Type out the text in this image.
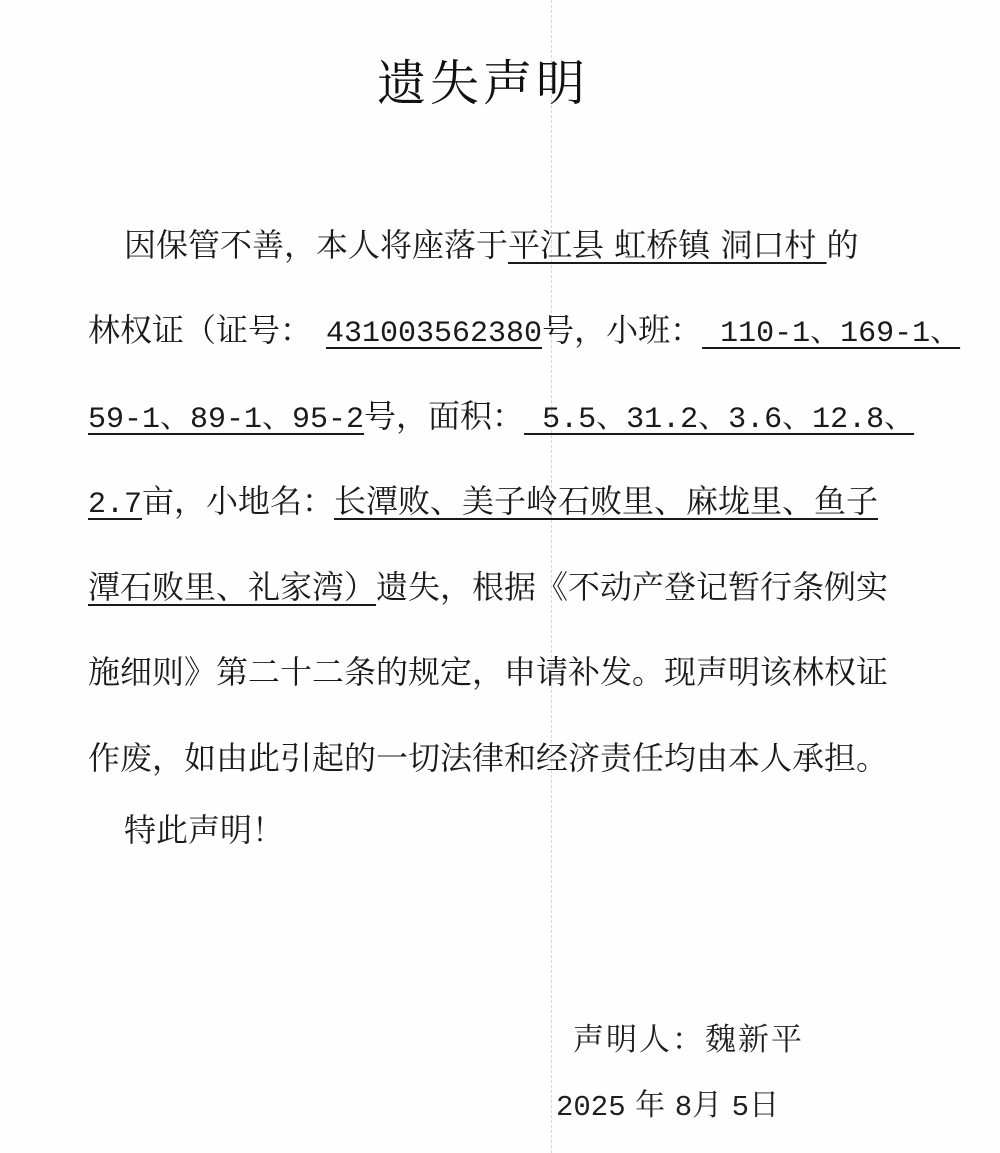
遗失声明
因保管不善，本人将座落于平江县 虹桥镇 洞口村 的
林权证（证号： 431003562380号，小班： 110-1、169-1、
59-1、89-1、95-2号，面积： 5.5、31.2、3.6、12.8、
2.7亩，小地名：长潭败、美子岭石败里、麻垅里、鱼子
潭石败里、礼家湾）遗失，根据《不动产登记暂行条例实
施细则》第二十二条的规定，申请补发。现声明该林权证
作废，如由此引起的一切法律和经济责任均由本人承担。
特此声明！
声明人：魏新平
2025 年 8月 5日
